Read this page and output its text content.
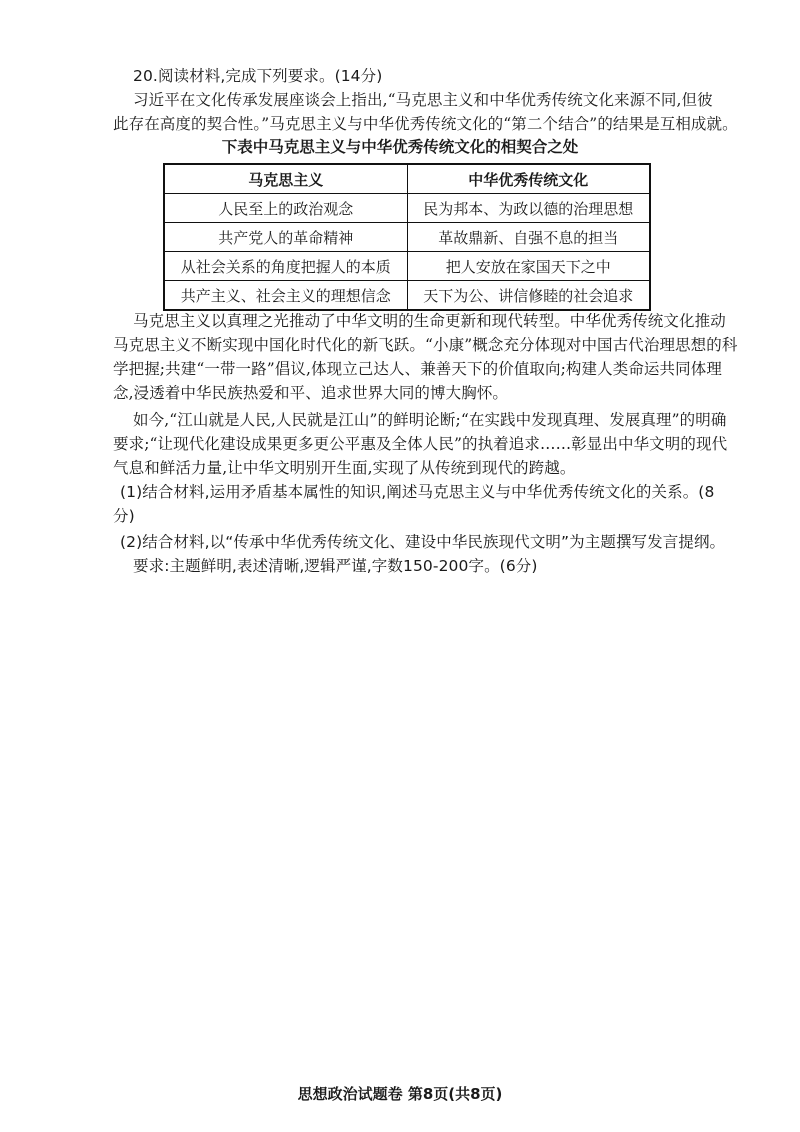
20.阅读材料,完成下列要求。(14分)
习近平在文化传承发展座谈会上指出,“马克思主义和中华优秀传统文化来源不同,但彼
此存在高度的契合性。”马克思主义与中华优秀传统文化的“第二个结合”的结果是互相成就。
下表中马克思主义与中华优秀传统文化的相契合之处
马克思主义	中华优秀传统文化
人民至上的政治观念	民为邦本、为政以德的治理思想
共产党人的革命精神	革故鼎新、自强不息的担当
从社会关系的角度把握人的本质	把人安放在家国天下之中
共产主义、社会主义的理想信念	天下为公、讲信修睦的社会追求
马克思主义以真理之光推动了中华文明的生命更新和现代转型。中华优秀传统文化推动
马克思主义不断实现中国化时代化的新飞跃。“小康”概念充分体现对中国古代治理思想的科
学把握;共建“一带一路”倡议,体现立己达人、兼善天下的价值取向;构建人类命运共同体理
念,浸透着中华民族热爱和平、追求世界大同的博大胸怀。
如今,“江山就是人民,人民就是江山”的鲜明论断;“在实践中发现真理、发展真理”的明确
要求;“让现代化建设成果更多更公平惠及全体人民”的执着追求……彰显出中华文明的现代
气息和鲜活力量,让中华文明别开生面,实现了从传统到现代的跨越。
(1)结合材料,运用矛盾基本属性的知识,阐述马克思主义与中华优秀传统文化的关系。(8
分)
(2)结合材料,以“传承中华优秀传统文化、建设中华民族现代文明”为主题撰写发言提纲。
要求:主题鲜明,表述清晰,逻辑严谨,字数150-200字。(6分)
思想政治试题卷 第8页(共8页)
